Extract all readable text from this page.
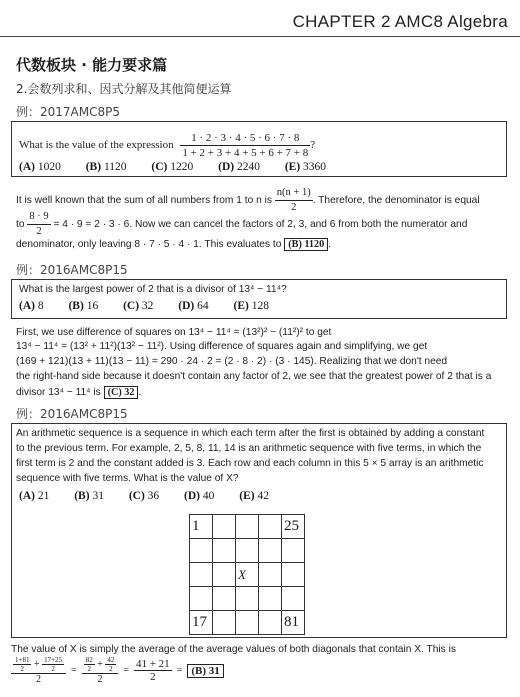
CHAPTER 2 AMC8 Algebra
代数板块 · 能力要求篇
2.会数列求和、因式分解及其他简便运算
例：2017AMC8P5
What is the value of the expression $\frac{1 \cdot 2 \cdot 3 \cdot 4 \cdot 5 \cdot 6 \cdot 7 \cdot 8}{1 + 2 + 3 + 4 + 5 + 6 + 7 + 8}$ ?
(A) 1020 (B) 1120 (C) 1220 (D) 2240 (E) 3360
It is well known that the sum of all numbers from 1 to n is $\frac{n(n + 1)}{2}$ . Therefore, the denominator is equal
to $\frac{8 \cdot 9}{2} = 4 \cdot 9 = 2 \cdot 3 \cdot 6$. Now we can cancel the factors of 2, 3, and 6 from both the numerator and
denominator, only leaving 8 · 7 · 5 · 4 · 1. This evaluates to (B) 1120 .
例：2016AMC8P15
What is the largest power of 2 that is a divisor of 13⁴ − 11⁴?
(A) 8 (B) 16 (C) 32 (D) 64 (E) 128
First, we use difference of squares on 13⁴ − 11⁴ = (13²)² − (11²)² to get
13⁴ − 11⁴ = (13² + 11²)(13² − 11²). Using difference of squares again and simplifying, we get
(169 + 121)(13 + 11)(13 − 11) = 290 · 24 · 2 = (2 · 8 · 2) · (3 · 145). Realizing that we don't need
the right-hand side because it doesn't contain any factor of 2, we see that the greatest power of 2 that is a
divisor 13⁴ − 11⁴ is (C) 32 .
例：2016AMC8P15
An arithmetic sequence is a sequence in which each term after the first is obtained by adding a constant
to the previous term. For example, 2, 5, 8, 11, 14 is an arithmetic sequence with five terms, in which the
first term is 2 and the constant added is 3. Each row and each column in this 5 × 5 array is an arithmetic
sequence with five terms. What is the value of X?
(A) 21 (B) 31 (C) 36 (D) 40 (E) 42
1				25

		X		

17				81
The value of X is simply the average of the average values of both diagonals that contain X. This is
$\frac{\frac{1+81}{2} + \frac{17+25}{2}}{2} = \frac{\frac{82}{2} + \frac{42}{2}}{2} = \frac{41 + 21}{2} = (B)$ 31
